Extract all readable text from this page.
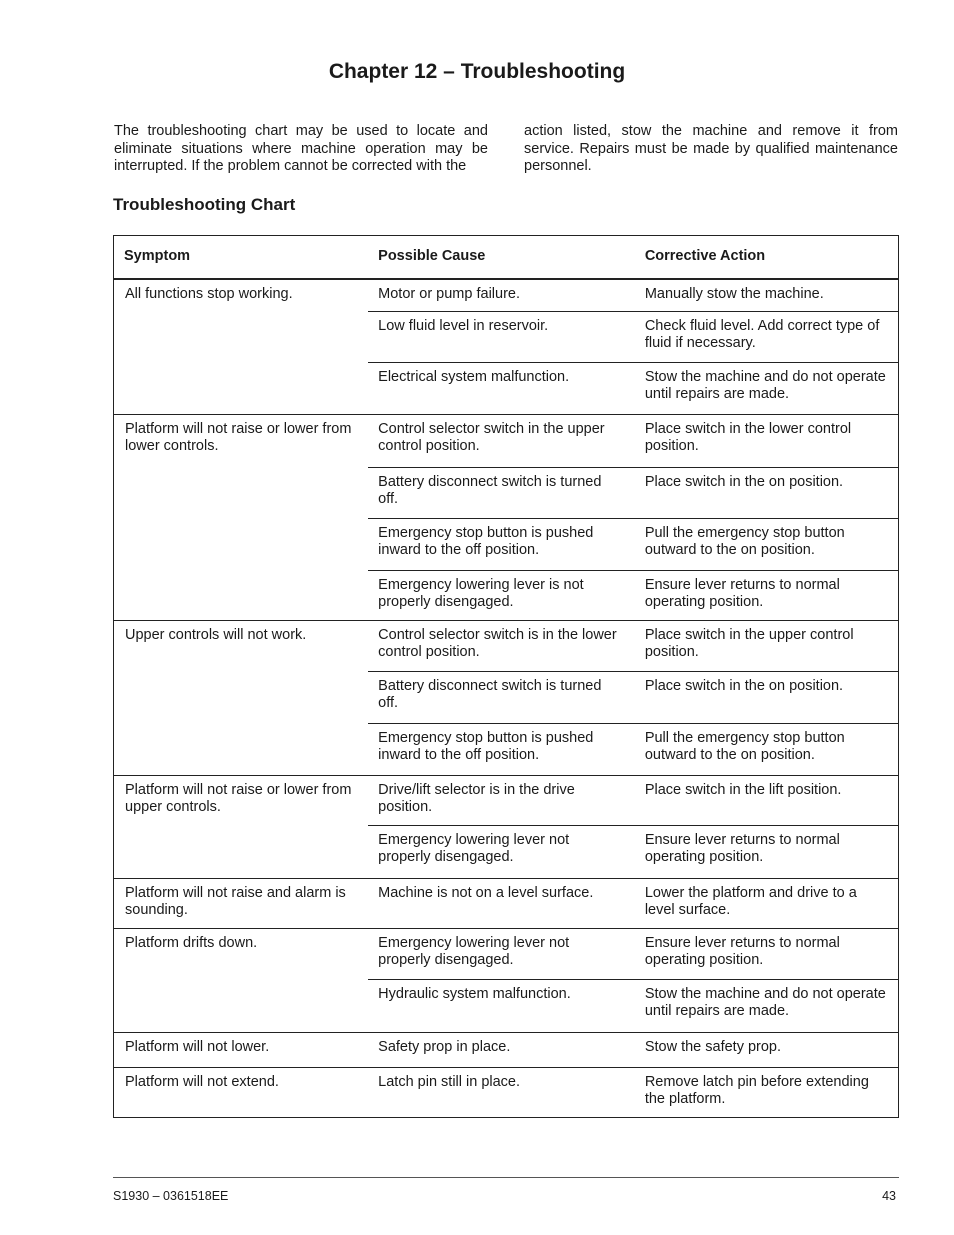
Chapter 12 – Troubleshooting
The troubleshooting chart may be used to locate and eliminate situations where machine operation may be interrupted. If the problem cannot be corrected with the
action listed, stow the machine and remove it from service. Repairs must be made by qualified maintenance personnel.
Troubleshooting Chart
Symptom	Possible Cause	Corrective Action
All functions stop working.	Motor or pump failure.	Manually stow the machine.
	Low fluid level in reservoir.	Check fluid level. Add correct type of fluid if necessary.
	Electrical system malfunction.	Stow the machine and do not operate until repairs are made.
Platform will not raise or lower from lower controls.	Control selector switch in the upper control position.	Place switch in the lower control position.
	Battery disconnect switch is turned off.	Place switch in the on position.
	Emergency stop button is pushed inward to the off position.	Pull the emergency stop button outward to the on position.
	Emergency lowering lever is not properly disengaged.	Ensure lever returns to normal operating position.
Upper controls will not work.	Control selector switch is in the lower control position.	Place switch in the upper control position.
	Battery disconnect switch is turned off.	Place switch in the on position.
	Emergency stop button is pushed inward to the off position.	Pull the emergency stop button outward to the on position.
Platform will not raise or lower from upper controls.	Drive/lift selector is in the drive position.	Place switch in the lift position.
	Emergency lowering lever not properly disengaged.	Ensure lever returns to normal operating position.
Platform will not raise and alarm is sounding.	Machine is not on a level surface.	Lower the platform and drive to a level surface.
Platform drifts down.	Emergency lowering lever not properly disengaged.	Ensure lever returns to normal operating position.
	Hydraulic system malfunction.	Stow the machine and do not operate until repairs are made.
Platform will not lower.	Safety prop in place.	Stow the safety prop.
Platform will not extend.	Latch pin still in place.	Remove latch pin before extending the platform.
S1930 – 0361518EE	43
